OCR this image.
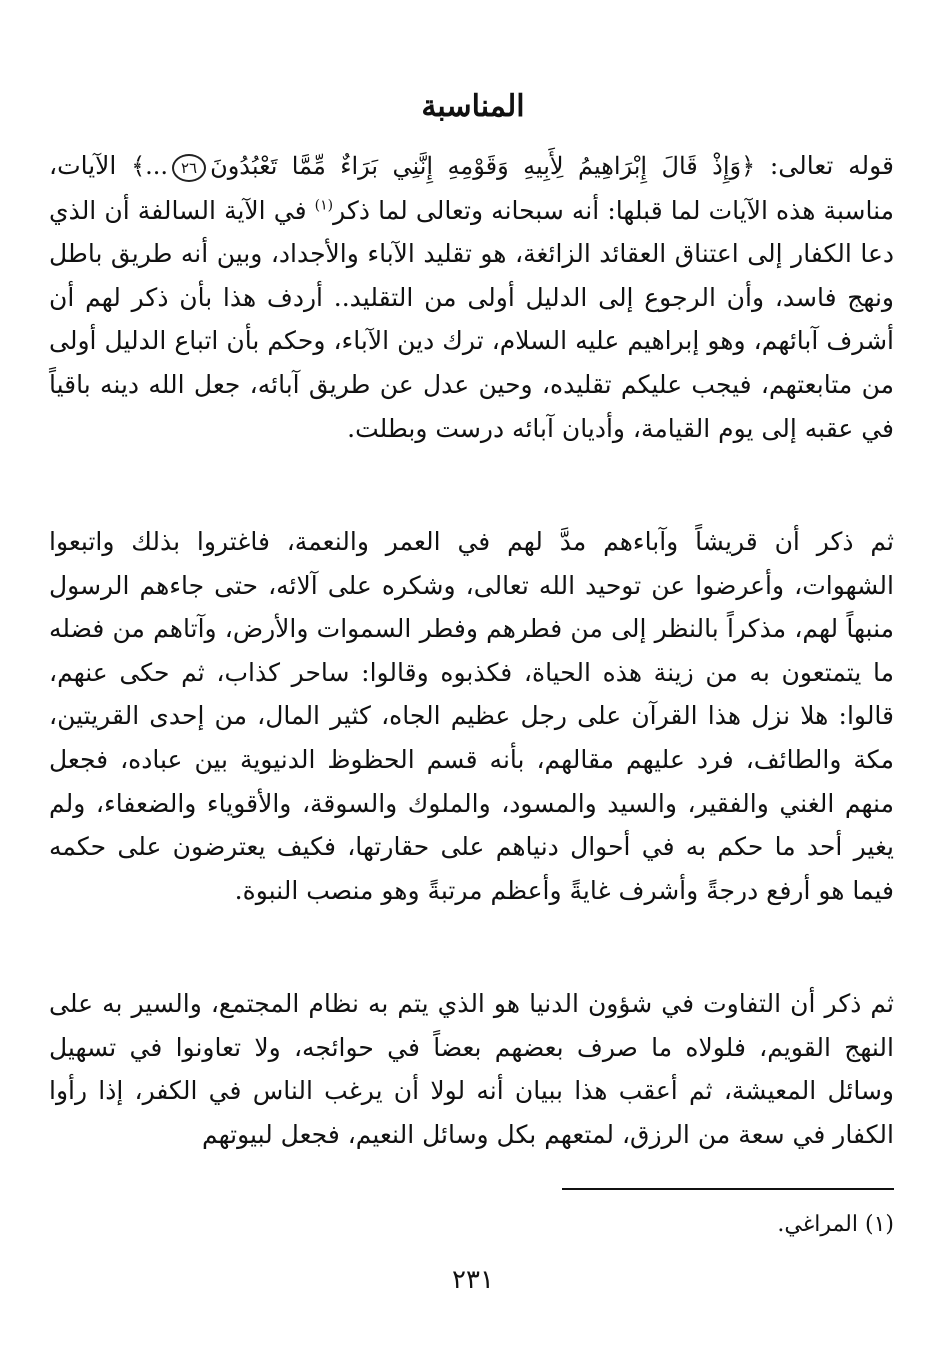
المناسبة

قوله تعالى: ﴿وَإِذْ قَالَ إِبْرَاهِيمُ لِأَبِيهِ وَقَوْمِهِ إِنَّنِي بَرَاءٌ مِّمَّا تَعْبُدُونَ٢٦...﴾ الآيات، مناسبة هذه الآيات لما قبلها: أنه سبحانه وتعالى لما ذكر$^{(١)}$ في الآية السالفة أن الذي دعا الكفار إلى اعتناق العقائد الزائغة، هو تقليد الآباء والأجداد، وبين أنه طريق باطل ونهج فاسد، وأن الرجوع إلى الدليل أولى من التقليد.. أردف هذا بأن ذكر لهم أن أشرف آبائهم، وهو إبراهيم عليه السلام، ترك دين الآباء، وحكم بأن اتباع الدليل أولى من متابعتهم، فيجب عليكم تقليده، وحين عدل عن طريق آبائه، جعل الله دينه باقياً في عقبه إلى يوم القيامة، وأديان آبائه درست وبطلت.

ثم ذكر أن قريشاً وآباءهم مدَّ لهم في العمر والنعمة، فاغتروا بذلك واتبعوا الشهوات، وأعرضوا عن توحيد الله تعالى، وشكره على آلائه، حتى جاءهم الرسول منبهاً لهم، مذكراً بالنظر إلى من فطرهم وفطر السموات والأرض، وآتاهم من فضله ما يتمتعون به من زينة هذه الحياة، فكذبوه وقالوا: ساحر كذاب، ثم حكى عنهم، قالوا: هلا نزل هذا القرآن على رجل عظيم الجاه، كثير المال، من إحدى القريتين، مكة والطائف، فرد عليهم مقالهم، بأنه قسم الحظوظ الدنيوية بين عباده، فجعل منهم الغني والفقير، والسيد والمسود، والملوك والسوقة، والأقوياء والضعفاء، ولم يغير أحد ما حكم به في أحوال دنياهم على حقارتها، فكيف يعترضون على حكمه فيما هو أرفع درجةً وأشرف غايةً وأعظم مرتبةً وهو منصب النبوة.

ثم ذكر أن التفاوت في شؤون الدنيا هو الذي يتم به نظام المجتمع، والسير به على النهج القويم، فلولاه ما صرف بعضهم بعضاً في حوائجه، ولا تعاونوا في تسهيل وسائل المعيشة، ثم أعقب هذا ببيان أنه لولا أن يرغب الناس في الكفر، إذا رأوا الكفار في سعة من الرزق، لمتعهم بكل وسائل النعيم، فجعل لبيوتهم

(١) المراغي.
٢٣١
